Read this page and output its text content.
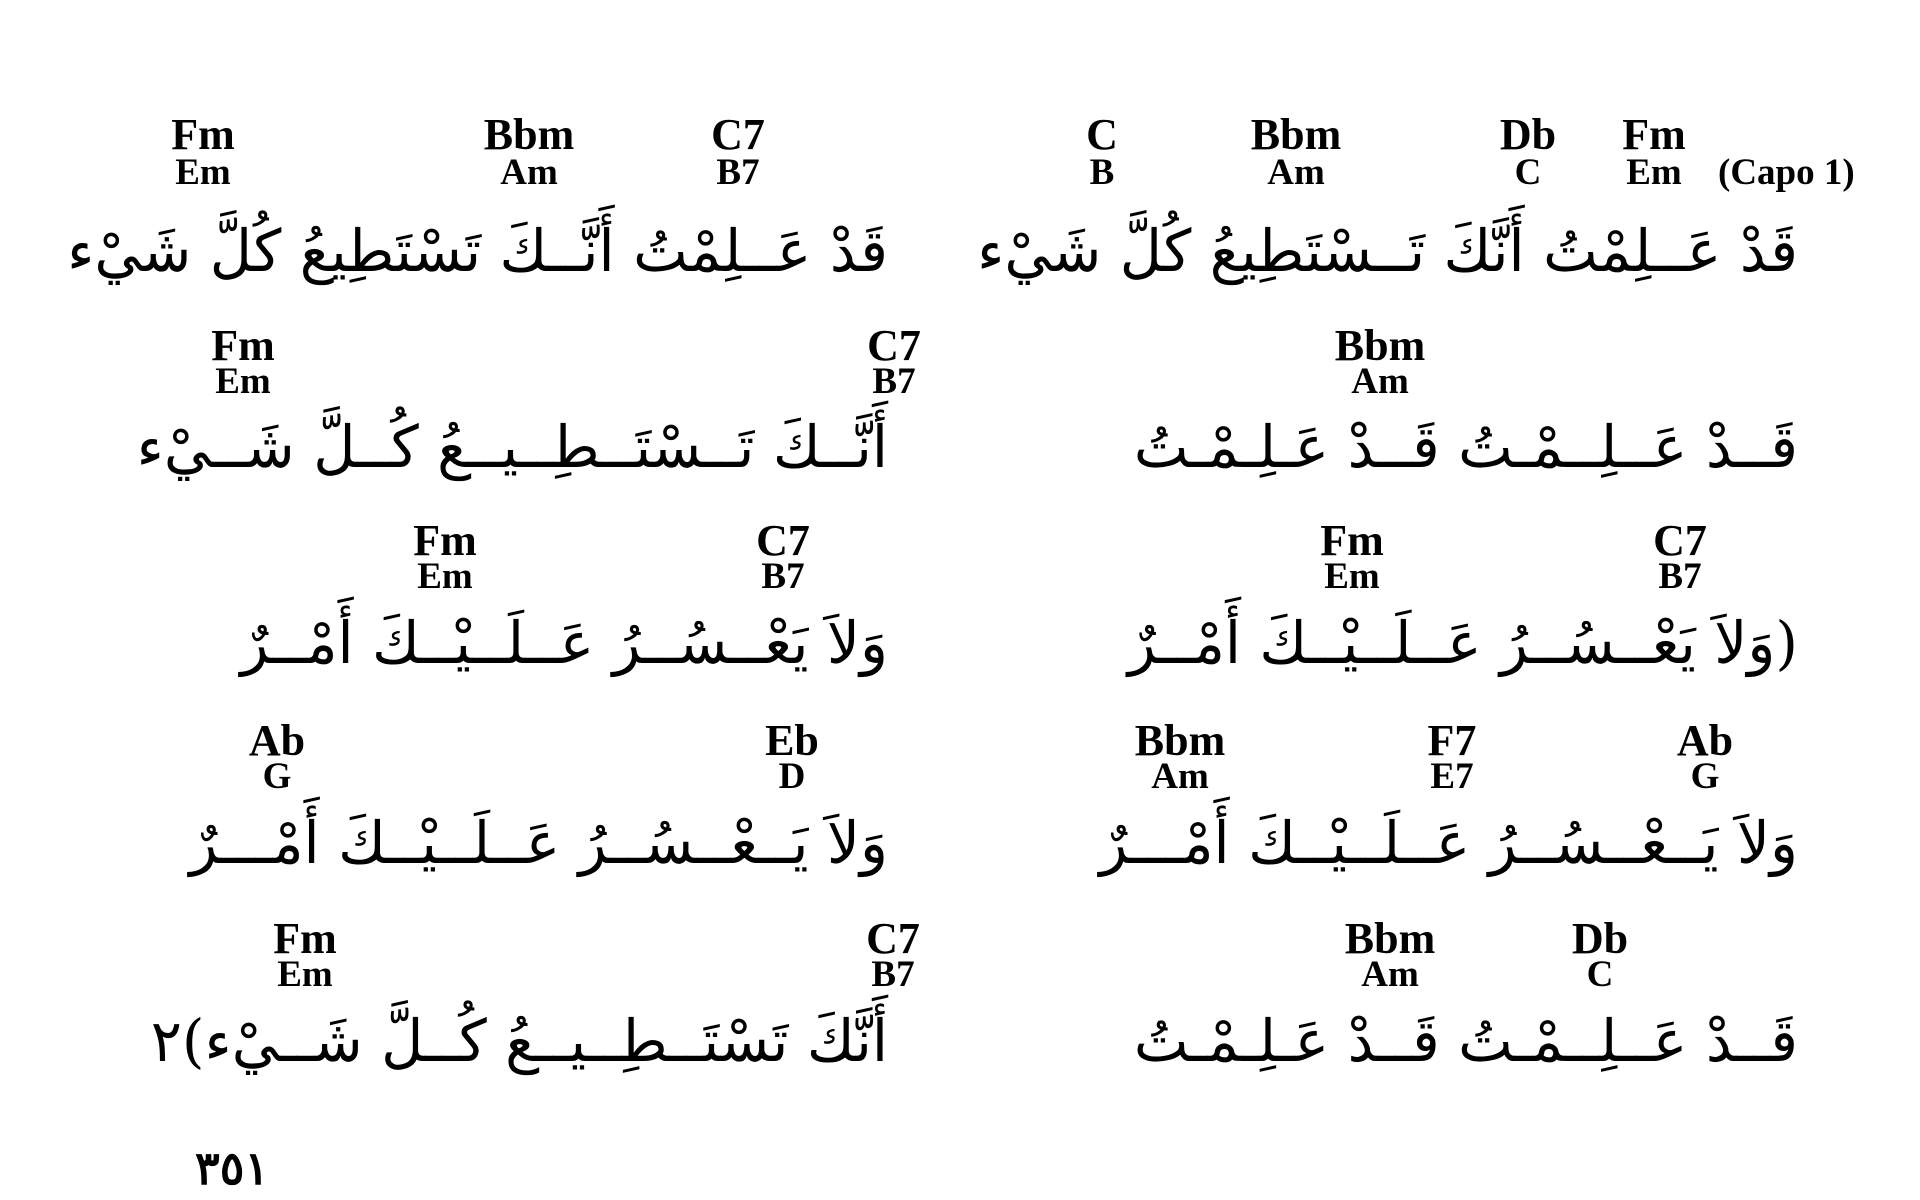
C
B
Bbm
Am
Db
C
Fm
Em (Capo 1)
Fm
Em
Bbm
Am
C7
B7
قَدْ عَــلِمْتُ أَنَّكَ تَــسْتَطِيعُ كُلَّ شَيْء
قَدْ عَــلِمْتُ أَنَّــكَ تَسْتَطِيعُ كُلَّ شَيْء
Bbm
Am
Fm
Em
C7
B7
قَــدْ عَــلِــمْـتُ قَــدْ عَـلِـمْـتُ
أَنَّــكَ تَــسْتَــطِــيــعُ كُــلَّ شَــيْء
Fm
Em
C7
B7
Fm
Em
C7
B7
(وَلاَ يَعْــسُــرُ عَــلَــيْــكَ أَمْــرٌ
وَلاَ يَعْــسُــرُ عَــلَــيْــكَ أَمْــرٌ
Bbm
Am
F7
E7
Ab
G
Ab
G
Eb
D
وَلاَ يَــعْــسُــرُ عَــلَــيْــكَ أَمْـــرٌ
وَلاَ يَــعْــسُــرُ عَــلَــيْــكَ أَمْـــرٌ
Bbm
Am
Db
C
Fm
Em
C7
B7
قَــدْ عَــلِــمْـتُ قَــدْ عَـلِـمْـتُ
أَنَّكَ تَسْتَــطِــيــعُ كُــلَّ شَــيْء)٢
٣٥١
